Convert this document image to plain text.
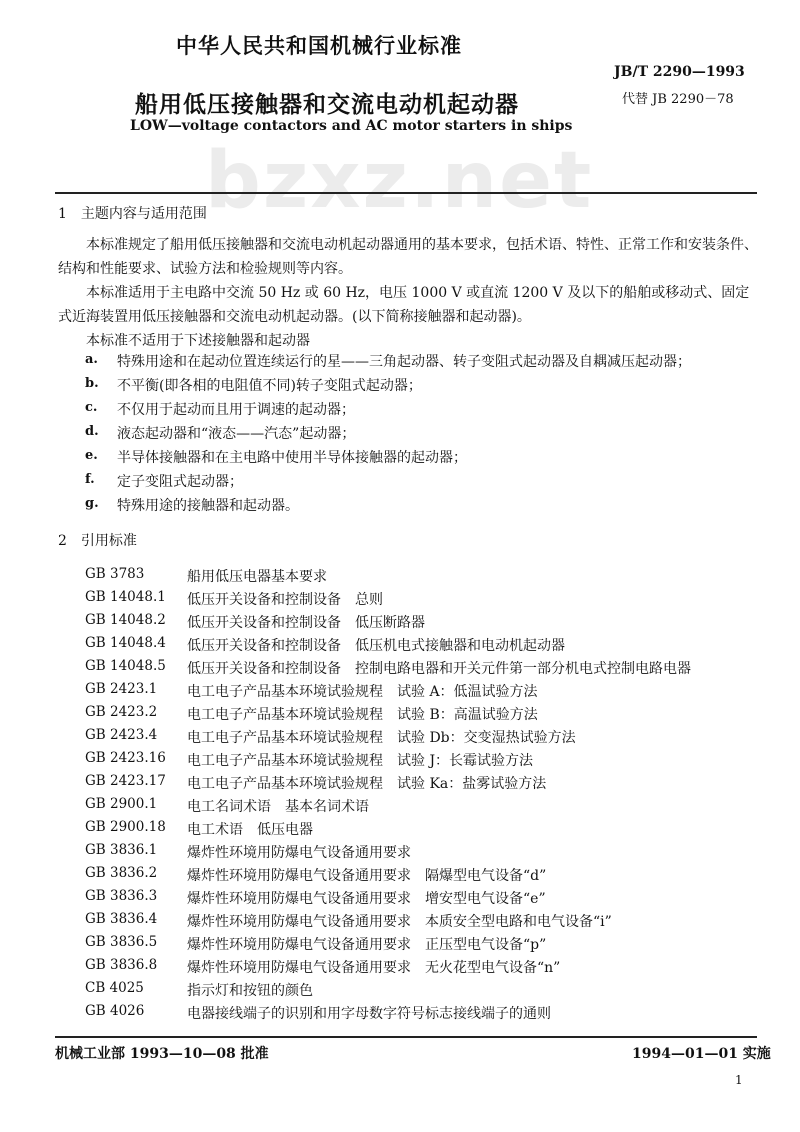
中华人民共和国机械行业标准
JB/T 2290—1993
代替 JB 2290－78
船用低压接触器和交流电动机起动器
LOW—voltage contactors and AC motor starters in ships
bzxz.net
1　主题内容与适用范围
本标准规定了船用低压接触器和交流电动机起动器通用的基本要求，包括术语、特性、正常工作和安装条件、结构和性能要求、试验方法和检验规则等内容。
本标准适用于主电路中交流 50 Hz 或 60 Hz，电压 1000 V 或直流 1200 V 及以下的船舶或移动式、固定式近海装置用低压接触器和交流电动机起动器。(以下简称接触器和起动器)。
本标准不适用于下述接触器和起动器
a. 特殊用途和在起动位置连续运行的星——三角起动器、转子变阻式起动器及自耦减压起动器；
b. 不平衡(即各相的电阻值不同)转子变阻式起动器；
c. 不仅用于起动而且用于调速的起动器；
d. 液态起动器和“液态——汽态”起动器；
e. 半导体接触器和在主电路中使用半导体接触器的起动器；
f. 定子变阻式起动器；
g. 特殊用途的接触器和起动器。
2　引用标准
GB 3783	船用低压电器基本要求
GB 14048.1 低压开关设备和控制设备　总则
GB 14048.2 低压开关设备和控制设备　低压断路器
GB 14048.4 低压开关设备和控制设备　低压机电式接触器和电动机起动器
GB 14048.5 低压开关设备和控制设备　控制电路电器和开关元件第一部分机电式控制电路电器
GB 2423.1 电工电子产品基本环境试验规程　试验 A：低温试验方法
GB 2423.2 电工电子产品基本环境试验规程　试验 B：高温试验方法
GB 2423.4 电工电子产品基本环境试验规程　试验 Db：交变湿热试验方法
GB 2423.16 电工电子产品基本环境试验规程　试验 J：长霉试验方法
GB 2423.17 电工电子产品基本环境试验规程　试验 Ka：盐雾试验方法
GB 2900.1 电工名词术语　基本名词术语
GB 2900.18 电工术语　低压电器
GB 3836.1 爆炸性环境用防爆电气设备通用要求
GB 3836.2 爆炸性环境用防爆电气设备通用要求　隔爆型电气设备“d”
GB 3836.3 爆炸性环境用防爆电气设备通用要求　增安型电气设备“e”
GB 3836.4 爆炸性环境用防爆电气设备通用要求　本质安全型电路和电气设备“i”
GB 3836.5 爆炸性环境用防爆电气设备通用要求　正压型电气设备“p”
GB 3836.8 爆炸性环境用防爆电气设备通用要求　无火花型电气设备“n”
CB 4025	指示灯和按钮的颜色
GB 4026	电器接线端子的识别和用字母数字符号标志接线端子的通则
机械工业部 1993—10—08 批准	1994—01—01 实施
1
